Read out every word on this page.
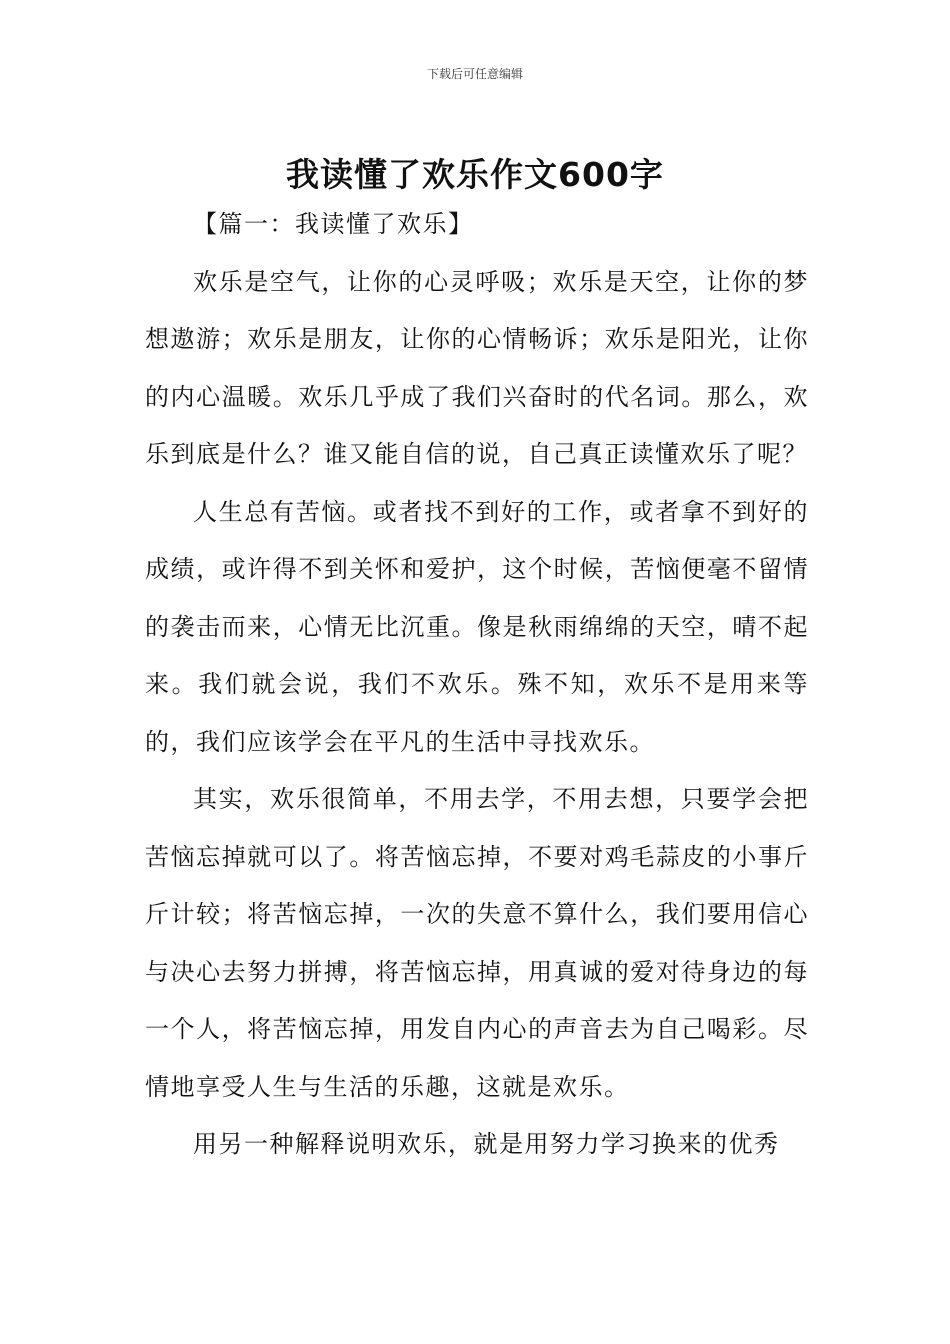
下载后可任意编辑
我读懂了欢乐作文600字

【篇一：我读懂了欢乐】

欢乐是空气，让你的心灵呼吸；欢乐是天空，让你的梦想遨游；欢乐是朋友，让你的心情畅诉；欢乐是阳光，让你的内心温暖。欢乐几乎成了我们兴奋时的代名词。那么，欢乐到底是什么？谁又能自信的说，自己真正读懂欢乐了呢？

人生总有苦恼。或者找不到好的工作，或者拿不到好的成绩，或许得不到关怀和爱护，这个时候，苦恼便毫不留情的袭击而来，心情无比沉重。像是秋雨绵绵的天空，晴不起来。我们就会说，我们不欢乐。殊不知，欢乐不是用来等的，我们应该学会在平凡的生活中寻找欢乐。

其实，欢乐很简单，不用去学，不用去想，只要学会把苦恼忘掉就可以了。将苦恼忘掉，不要对鸡毛蒜皮的小事斤斤计较；将苦恼忘掉，一次的失意不算什么，我们要用信心与决心去努力拼搏，将苦恼忘掉，用真诚的爱对待身边的每一个人，将苦恼忘掉，用发自内心的声音去为自己喝彩。尽情地享受人生与生活的乐趣，这就是欢乐。

用另一种解释说明欢乐，就是用努力学习换来的优秀
